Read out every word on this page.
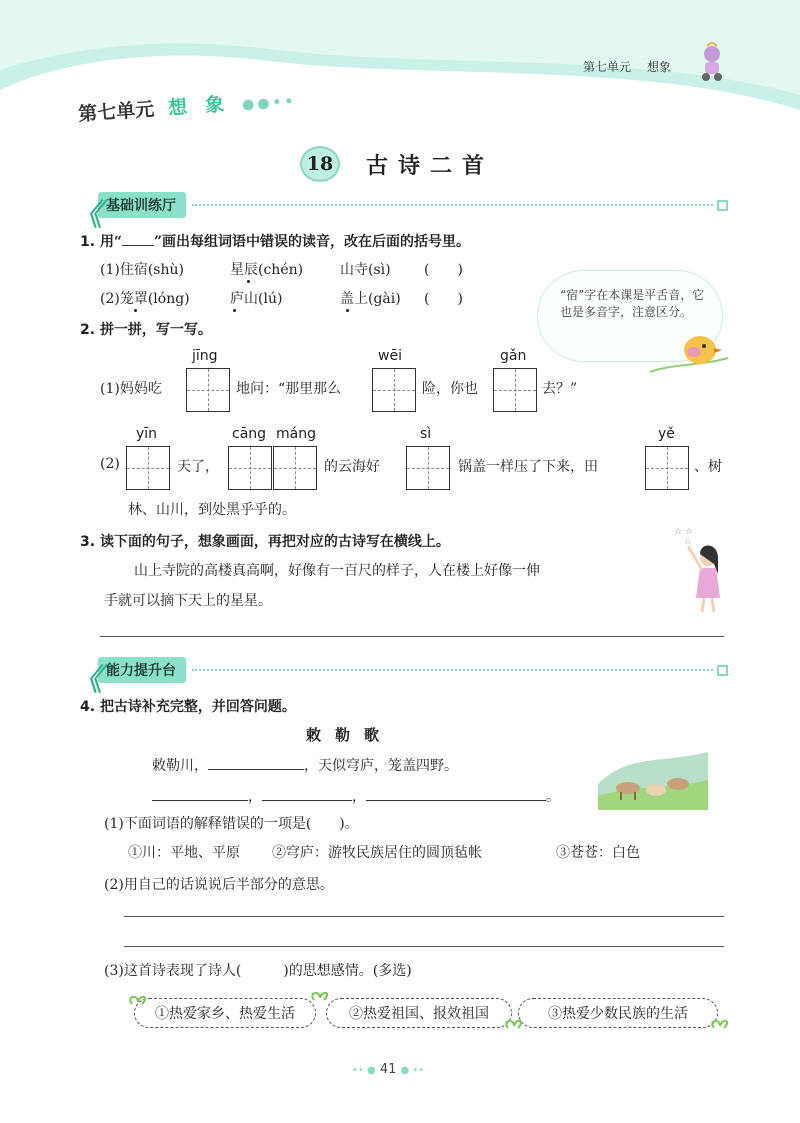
第七单元 想象
第七单元 想象●●••
18	古诗二首
《 基础训练厅
1. 用“ ”画出每组词语中错误的读音，改在后面的括号里。
(1)住宿(shù)	星辰(chén)	山寺(sì) (　　)
(2)笼罩(lóng)	庐山(lú)	盖上(gài) (　　)	“宿”字在本课是平舌音，它也是多音字，注意区分。
2. 拼一拼，写一写。
jīng	wēi	gǎn
(1)妈妈吃	地问：“那里那么	险，你也	去？”
yīn	cāng máng	sì	yě
(2)	天了，	的云海好	锅盖一样压了下来，田	、树
林、山川，到处黑乎乎的。
3. 读下面的句子，想象画面，再把对应的古诗写在横线上。
山上寺院的高楼真高啊，好像有一百尺的样子，人在楼上好像一伸
手就可以摘下天上的星星。
☆ ☆
☆
《 能力提升台
4. 把古诗补充完整，并回答问题。
敕勒歌
敕勒川，	，天似穹庐，笼盖四野。
，	，	。
(1)下面词语的解释错误的一项是(　　)。
①川：平地、平原 ②穹庐：游牧民族居住的圆顶毡帐	③苍苍：白色
(2)用自己的话说说后半部分的意思。
(3)这首诗表现了诗人(　　　)的思想感情。(多选)
①热爱家乡、热爱生活	②热爱祖国、报效祖国	③热爱少数民族的生活
•• ● 41 ● ••
